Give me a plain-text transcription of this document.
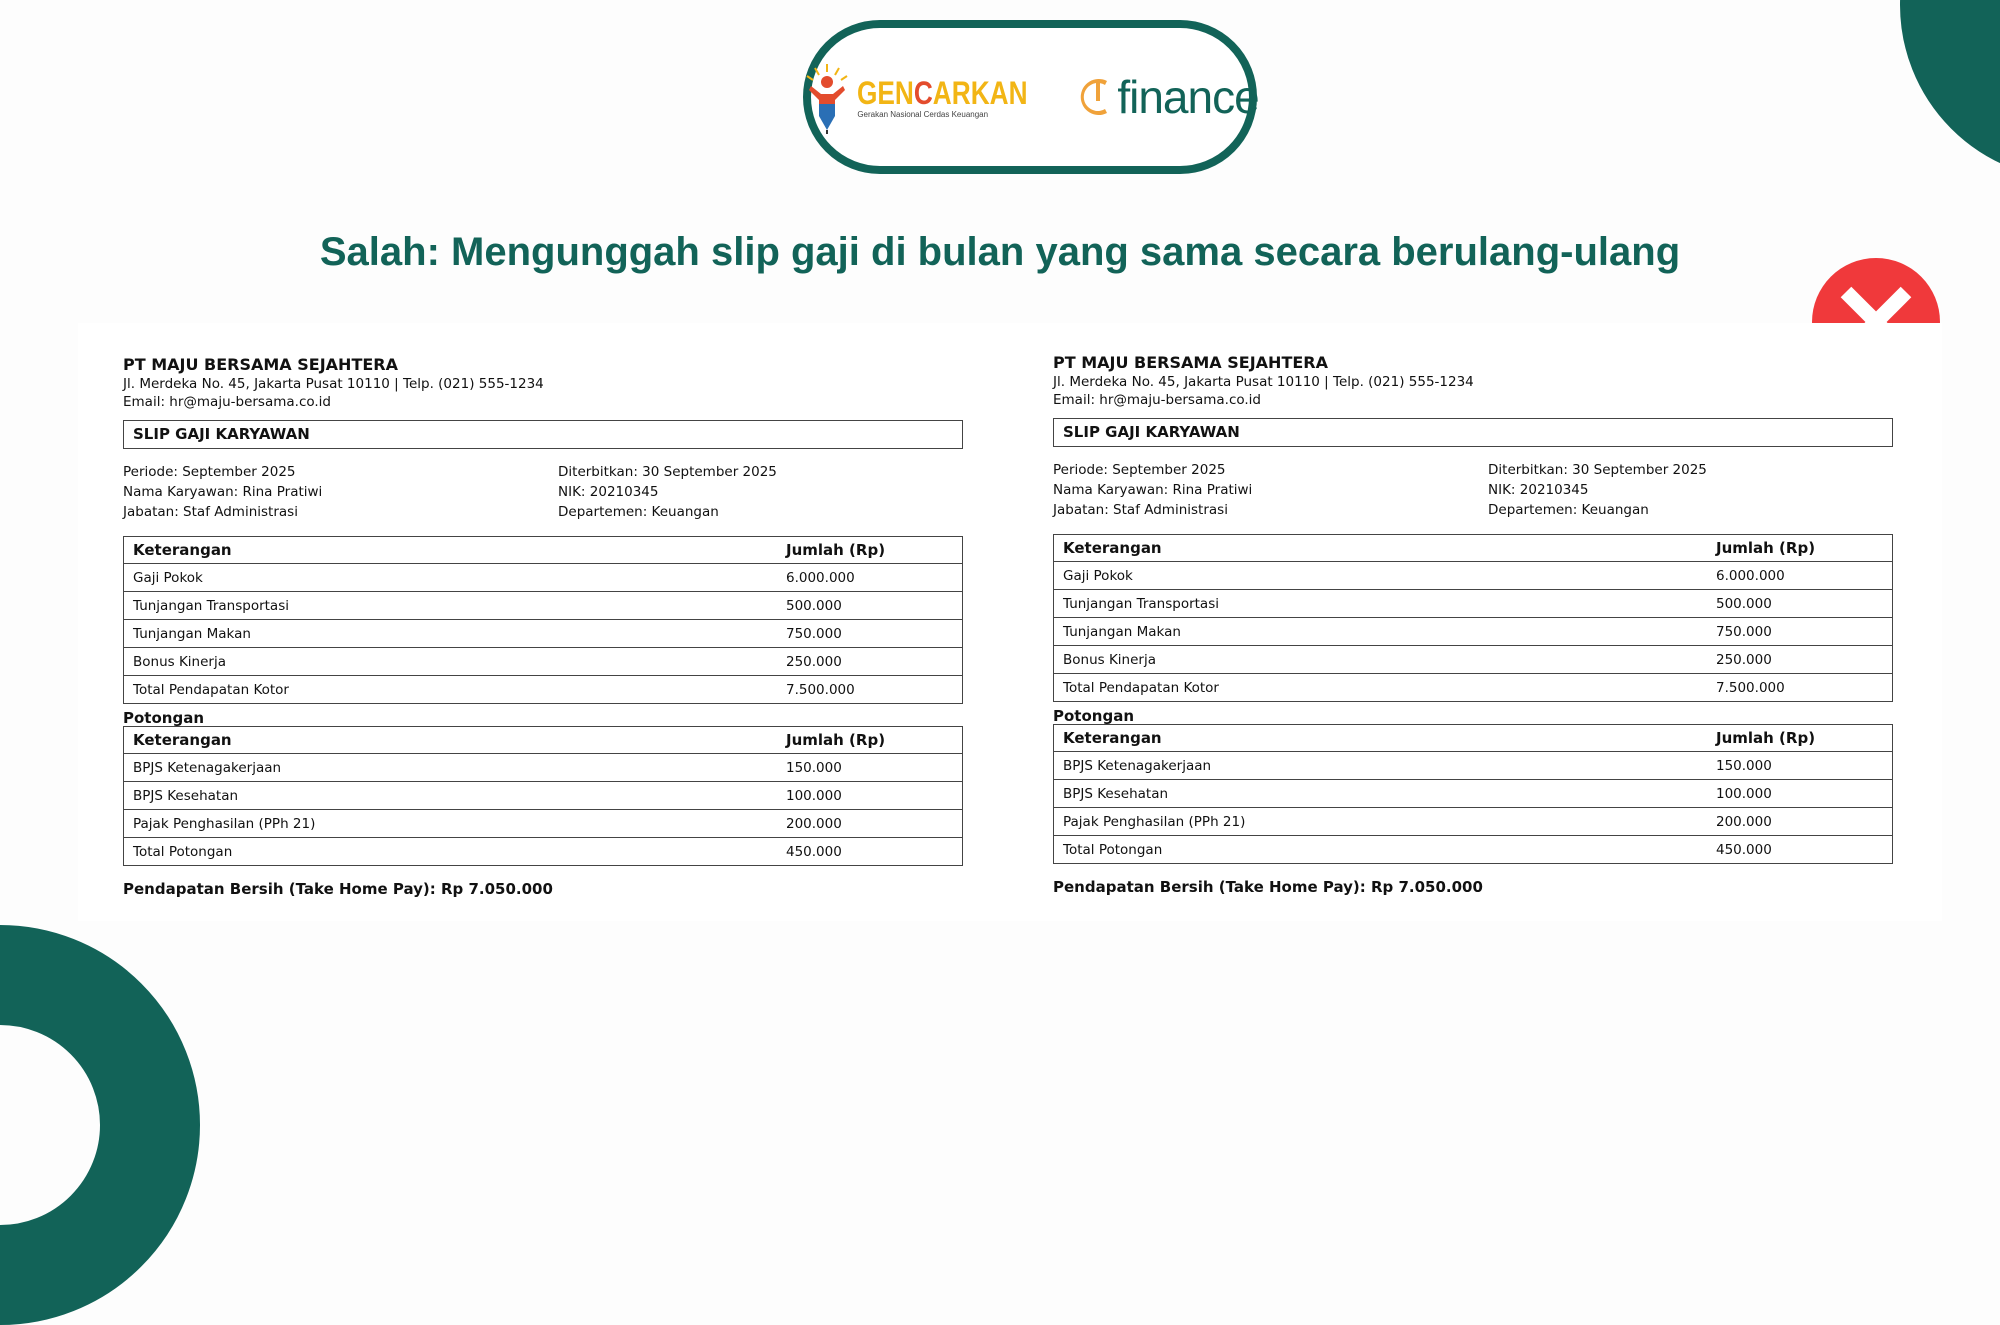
GENCARKAN
Gerakan Nasional Cerdas Keuangan	finance
Salah: Mengunggah slip gaji di bulan yang sama secara berulang-ulang
PT MAJU BERSAMA SEJAHTERA
Jl. Merdeka No. 45, Jakarta Pusat 10110 | Telp. (021) 555-1234
Email: hr@maju-bersama.co.id
SLIP GAJI KARYAWAN
Periode: September 2025	Diterbitkan: 30 September 2025
Nama Karyawan: Rina Pratiwi	NIK: 20210345
Jabatan: Staf Administrasi	Departemen: Keuangan
Keterangan	Jumlah (Rp)
Gaji Pokok	6.000.000
Tunjangan Transportasi	500.000
Tunjangan Makan	750.000
Bonus Kinerja	250.000
Total Pendapatan Kotor	7.500.000
Potongan
Keterangan	Jumlah (Rp)
BPJS Ketenagakerjaan	150.000
BPJS Kesehatan	100.000
Pajak Penghasilan (PPh 21)	200.000
Total Potongan	450.000
Pendapatan Bersih (Take Home Pay): Rp 7.050.000
PT MAJU BERSAMA SEJAHTERA
Jl. Merdeka No. 45, Jakarta Pusat 10110 | Telp. (021) 555-1234
Email: hr@maju-bersama.co.id
SLIP GAJI KARYAWAN
Periode: September 2025	Diterbitkan: 30 September 2025
Nama Karyawan: Rina Pratiwi	NIK: 20210345
Jabatan: Staf Administrasi	Departemen: Keuangan
Keterangan	Jumlah (Rp)
Gaji Pokok	6.000.000
Tunjangan Transportasi	500.000
Tunjangan Makan	750.000
Bonus Kinerja	250.000
Total Pendapatan Kotor	7.500.000
Potongan
Keterangan	Jumlah (Rp)
BPJS Ketenagakerjaan	150.000
BPJS Kesehatan	100.000
Pajak Penghasilan (PPh 21)	200.000
Total Potongan	450.000
Pendapatan Bersih (Take Home Pay): Rp 7.050.000
